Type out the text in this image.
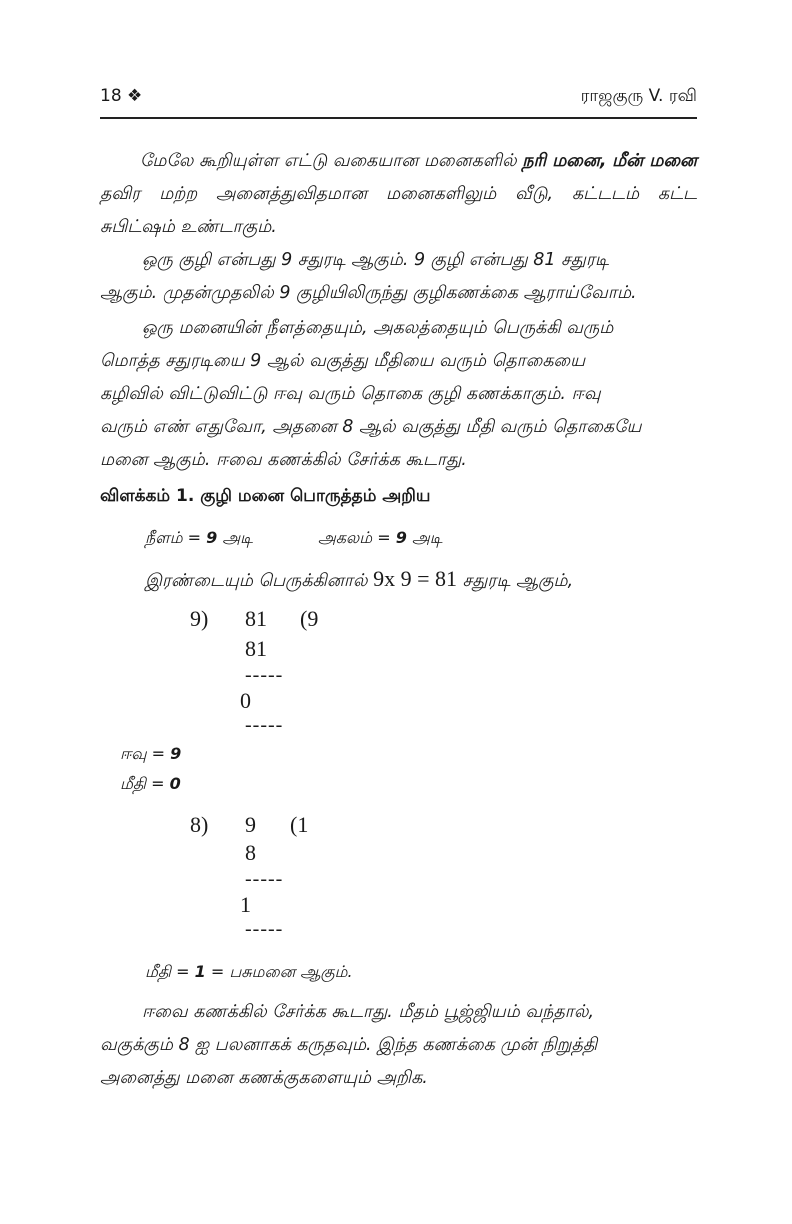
18 ❖	ராஜகுரு V. ரவி
மேலே கூறியுள்ள எட்டு வகையான மனைகளில் நரி மனை, மீன் மனை தவிர மற்ற அனைத்துவிதமான மனைகளிலும் வீடு, கட்டடம் கட்ட சுபிட்ஷம் உண்டாகும்.
ஒரு குழி என்பது 9 சதுரடி ஆகும். 9 குழி என்பது 81 சதுரடி
ஆகும். முதன்முதலில் 9 குழியிலிருந்து குழிகணக்கை ஆராய்வோம்.
ஒரு மனையின் நீளத்தையும், அகலத்தையும் பெருக்கி வரும்
மொத்த சதுரடியை 9 ஆல் வகுத்து மீதியை வரும் தொகையை
கழிவில் விட்டுவிட்டு ஈவு வரும் தொகை குழி கணக்காகும். ஈவு
வரும் எண் எதுவோ, அதனை 8 ஆல் வகுத்து மீதி வரும் தொகையே
மனை ஆகும். ஈவை கணக்கில் சேர்க்க கூடாது.
விளக்கம் 1. குழி மனை பொருத்தம் அறிய
நீளம் = 9 அடி	அகலம் = 9 அடி
இரண்டையும் பெருக்கினால் 9x 9 = 81 சதுரடி ஆகும்,
9) 81 (9
81
-----
0
-----
ஈவு = 9
மீதி = 0
8) 9 (1
8
-----
1
-----
மீதி = 1 = பசுமனை ஆகும்.
ஈவை கணக்கில் சேர்க்க கூடாது. மீதம் பூஜ்ஜியம் வந்தால்,
வகுக்கும் 8 ஐ பலனாகக் கருதவும். இந்த கணக்கை முன் நிறுத்தி
அனைத்து மனை கணக்குகளையும் அறிக.
